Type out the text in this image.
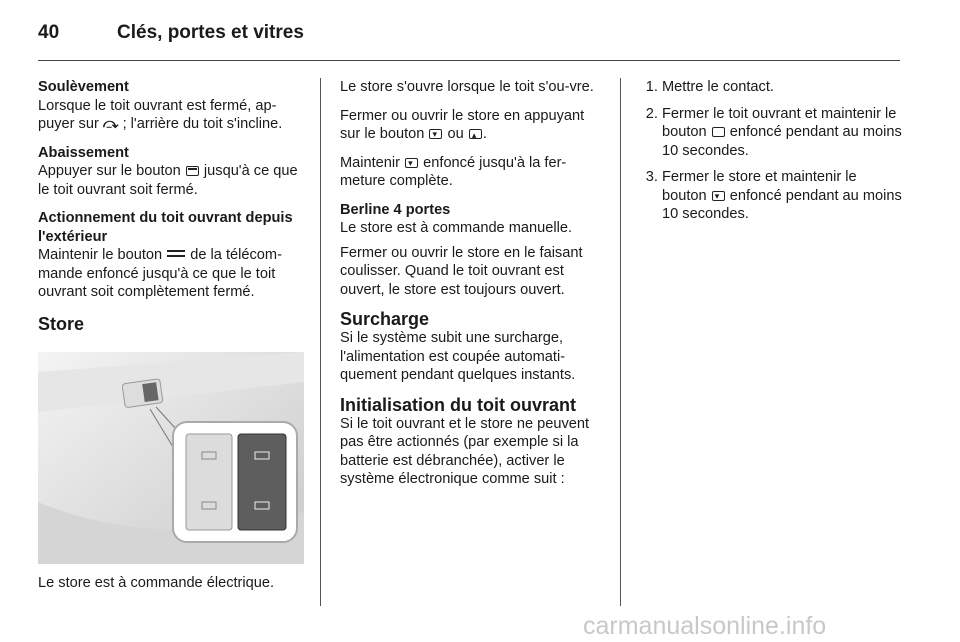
40	Clés, portes et vitres

Soulèvement
Lorsque le toit ouvrant est fermé, ap-puyer sur ⤼ ; l'arrière du toit s'incline.

Abaissement
Appuyer sur le bouton jusqu'à ce que le toit ouvrant soit fermé.

Actionnement du toit ouvrant depuis l'extérieur
Maintenir le bouton de la télécom-mande enfoncé jusqu'à ce que le toit ouvrant soit complètement fermé.

Store
Le store est à commande électrique.

Le store s'ouvre lorsque le toit s'ou-vre.

Fermer ou ouvrir le store en appuyant sur le bouton ▾ ou ▴ .

Maintenir ▾ enfoncé jusqu'à la fer-meture complète.

Berline 4 portes
Le store est à commande manuelle.

Fermer ou ouvrir le store en le faisant coulisser. Quand le toit ouvrant est ouvert, le store est toujours ouvert.

Surcharge
Si le système subit une surcharge, l'alimentation est coupée automati-quement pendant quelques instants.

Initialisation du toit ouvrant
Si le toit ouvrant et le store ne peuvent pas être actionnés (par exemple si la batterie est débranchée), activer le système électronique comme suit :

1. Mettre le contact.
2. Fermer le toit ouvrant et maintenir le bouton enfoncé pendant au moins 10 secondes.
3. Fermer le store et maintenir le bouton ▾ enfoncé pendant au moins 10 secondes.
carmanualsonline.info
